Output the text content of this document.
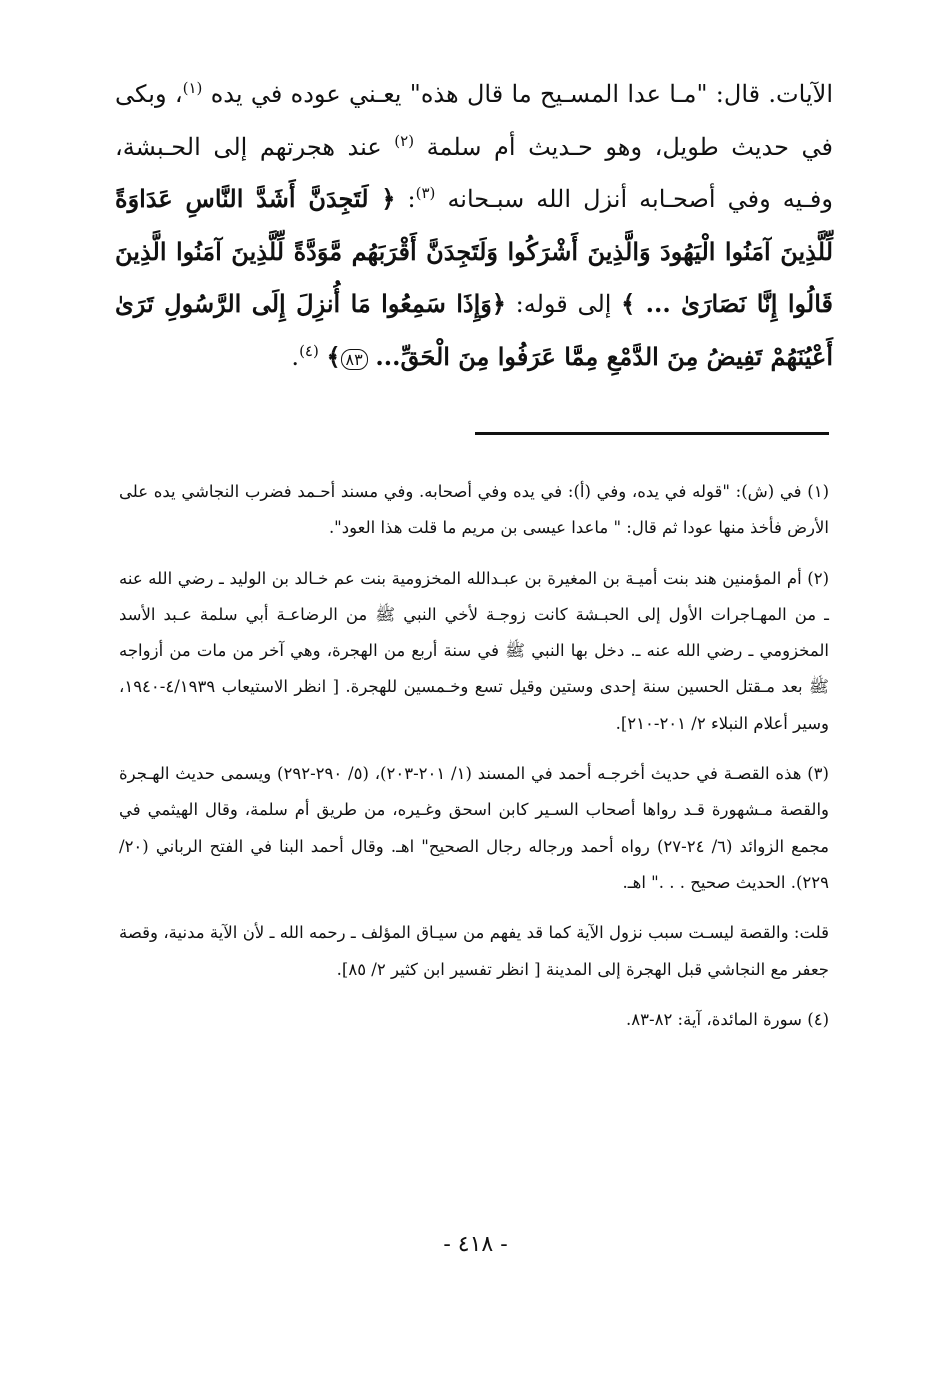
الآيات. قال: "مـا عدا المسـيح ما قال هذه" يعـني عوده في يده $^{(١)}$، وبكى في حديث طويل، وهو حـديث أم سلمة $^{(٢)}$ عند هجرتهم إلى الحـبشة، وفـيه وفي أصحـابه أنزل الله سبـحانه $^{(٣)}$: ﴿ لَتَجِدَنَّ أَشَدَّ النَّاسِ عَدَاوَةً لِّلَّذِينَ آمَنُوا الْيَهُودَ وَالَّذِينَ أَشْرَكُوا وَلَتَجِدَنَّ أَقْرَبَهُم مَّوَدَّةً لِّلَّذِينَ آمَنُوا الَّذِينَ قَالُوا إِنَّا نَصَارَىٰ ... ﴾ إلى قوله: ﴿وَإِذَا سَمِعُوا مَا أُنزِلَ إِلَى الرَّسُولِ تَرَىٰ أَعْيُنَهُمْ تَفِيضُ مِنَ الدَّمْعِ مِمَّا عَرَفُوا مِنَ الْحَقِّ... ٨٣﴾ $^{(٤)}$.

(١) في (ش): "قوله في يده، وفي (أ): في يده وفي أصحابه. وفي مسند أحـمد فضرب النجاشي يده على الأرض فأخذ منها عودا ثم قال: " ماعدا عيسى بن مريم ما قلت هذا العود".

(٢) أم المؤمنين هند بنت أميـة بن المغيرة بن عبـدالله المخزومية بنت عم خـالد بن الوليد ـ رضي الله عنه ـ من المهـاجرات الأول إلى الحبـشة كانت زوجـة لأخي النبي ﷺ من الرضاعـة أبي سلمة عـبد الأسد المخزومي ـ رضي الله عنه ـ. دخل بها النبي ﷺ في سنة أربع من الهجرة، وهي آخر من مات من أزواجه ﷺ بعد مـقتل الحسين سنة إحدى وستين وقيل تسع وخـمسين للهجرة. [ انظر الاستيعاب ٤/١٩٣٩-١٩٤٠، وسير أعلام النبلاء ٢/ ٢٠١-٢١٠].

(٣) هذه القصـة في حديث أخرجـه أحمد في المسند (١/ ٢٠١-٢٠٣)، (٥/ ٢٩٠-٢٩٢) ويسمى حديث الهـجرة والقصة مـشهورة قـد رواها أصحاب السـير كابن اسحق وغـيره، من طريق أم سلمة، وقال الهيثمي في مجمع الزوائد (٦/ ٢٤-٢٧) رواه أحمد ورجاله رجال الصحيح" اهـ. وقال أحمد البنا في الفتح الرباني (٢٠/ ٢٢٩). الحديث صحيح . . ." اهـ.

قلت: والقصة ليسـت سبب نزول الآية كما قد يفهم من سيـاق المؤلف ـ رحمه الله ـ لأن الآية مدنية، وقصة جعفر مع النجاشي قبل الهجرة إلى المدينة [ انظر تفسير ابن كثير ٢/ ٨٥].

(٤) سورة المائدة، آية: ٨٢-٨٣.

- ٤١٨ -
